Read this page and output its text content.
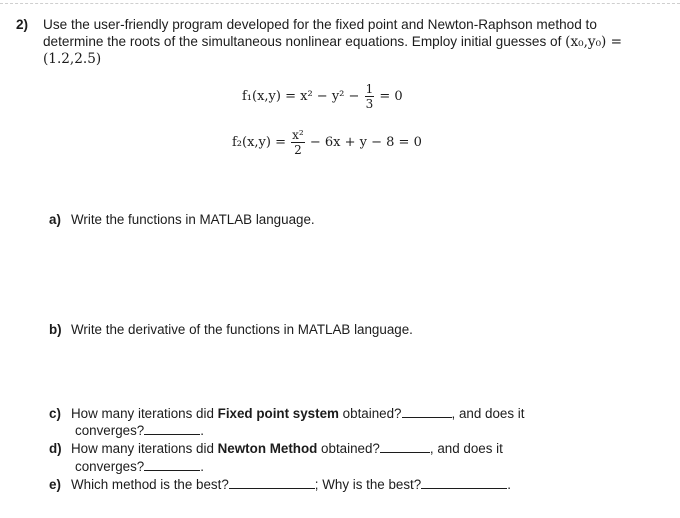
2) Use the user-friendly program developed for the fixed point and Newton-Raphson method to
determine the roots of the simultaneous nonlinear equations. Employ initial guesses of (x₀,y₀) =
(1.2,2.5)
$f_1(x,y) = x^2 - y^2 - \frac{1}{3} = 0$
$f_2(x,y) = \frac{\text{x²}}{2} - 6x + y - 8 = 0$
a) Write the functions in MATLAB language.
b) Write the derivative of the functions in MATLAB language.
c) How many iterations did Fixed point system obtained?	, and does it
converges?	.
d) How many iterations did Newton Method obtained?	, and does it
converges?	.
e) Which method is the best?	; Why is the best?	.
